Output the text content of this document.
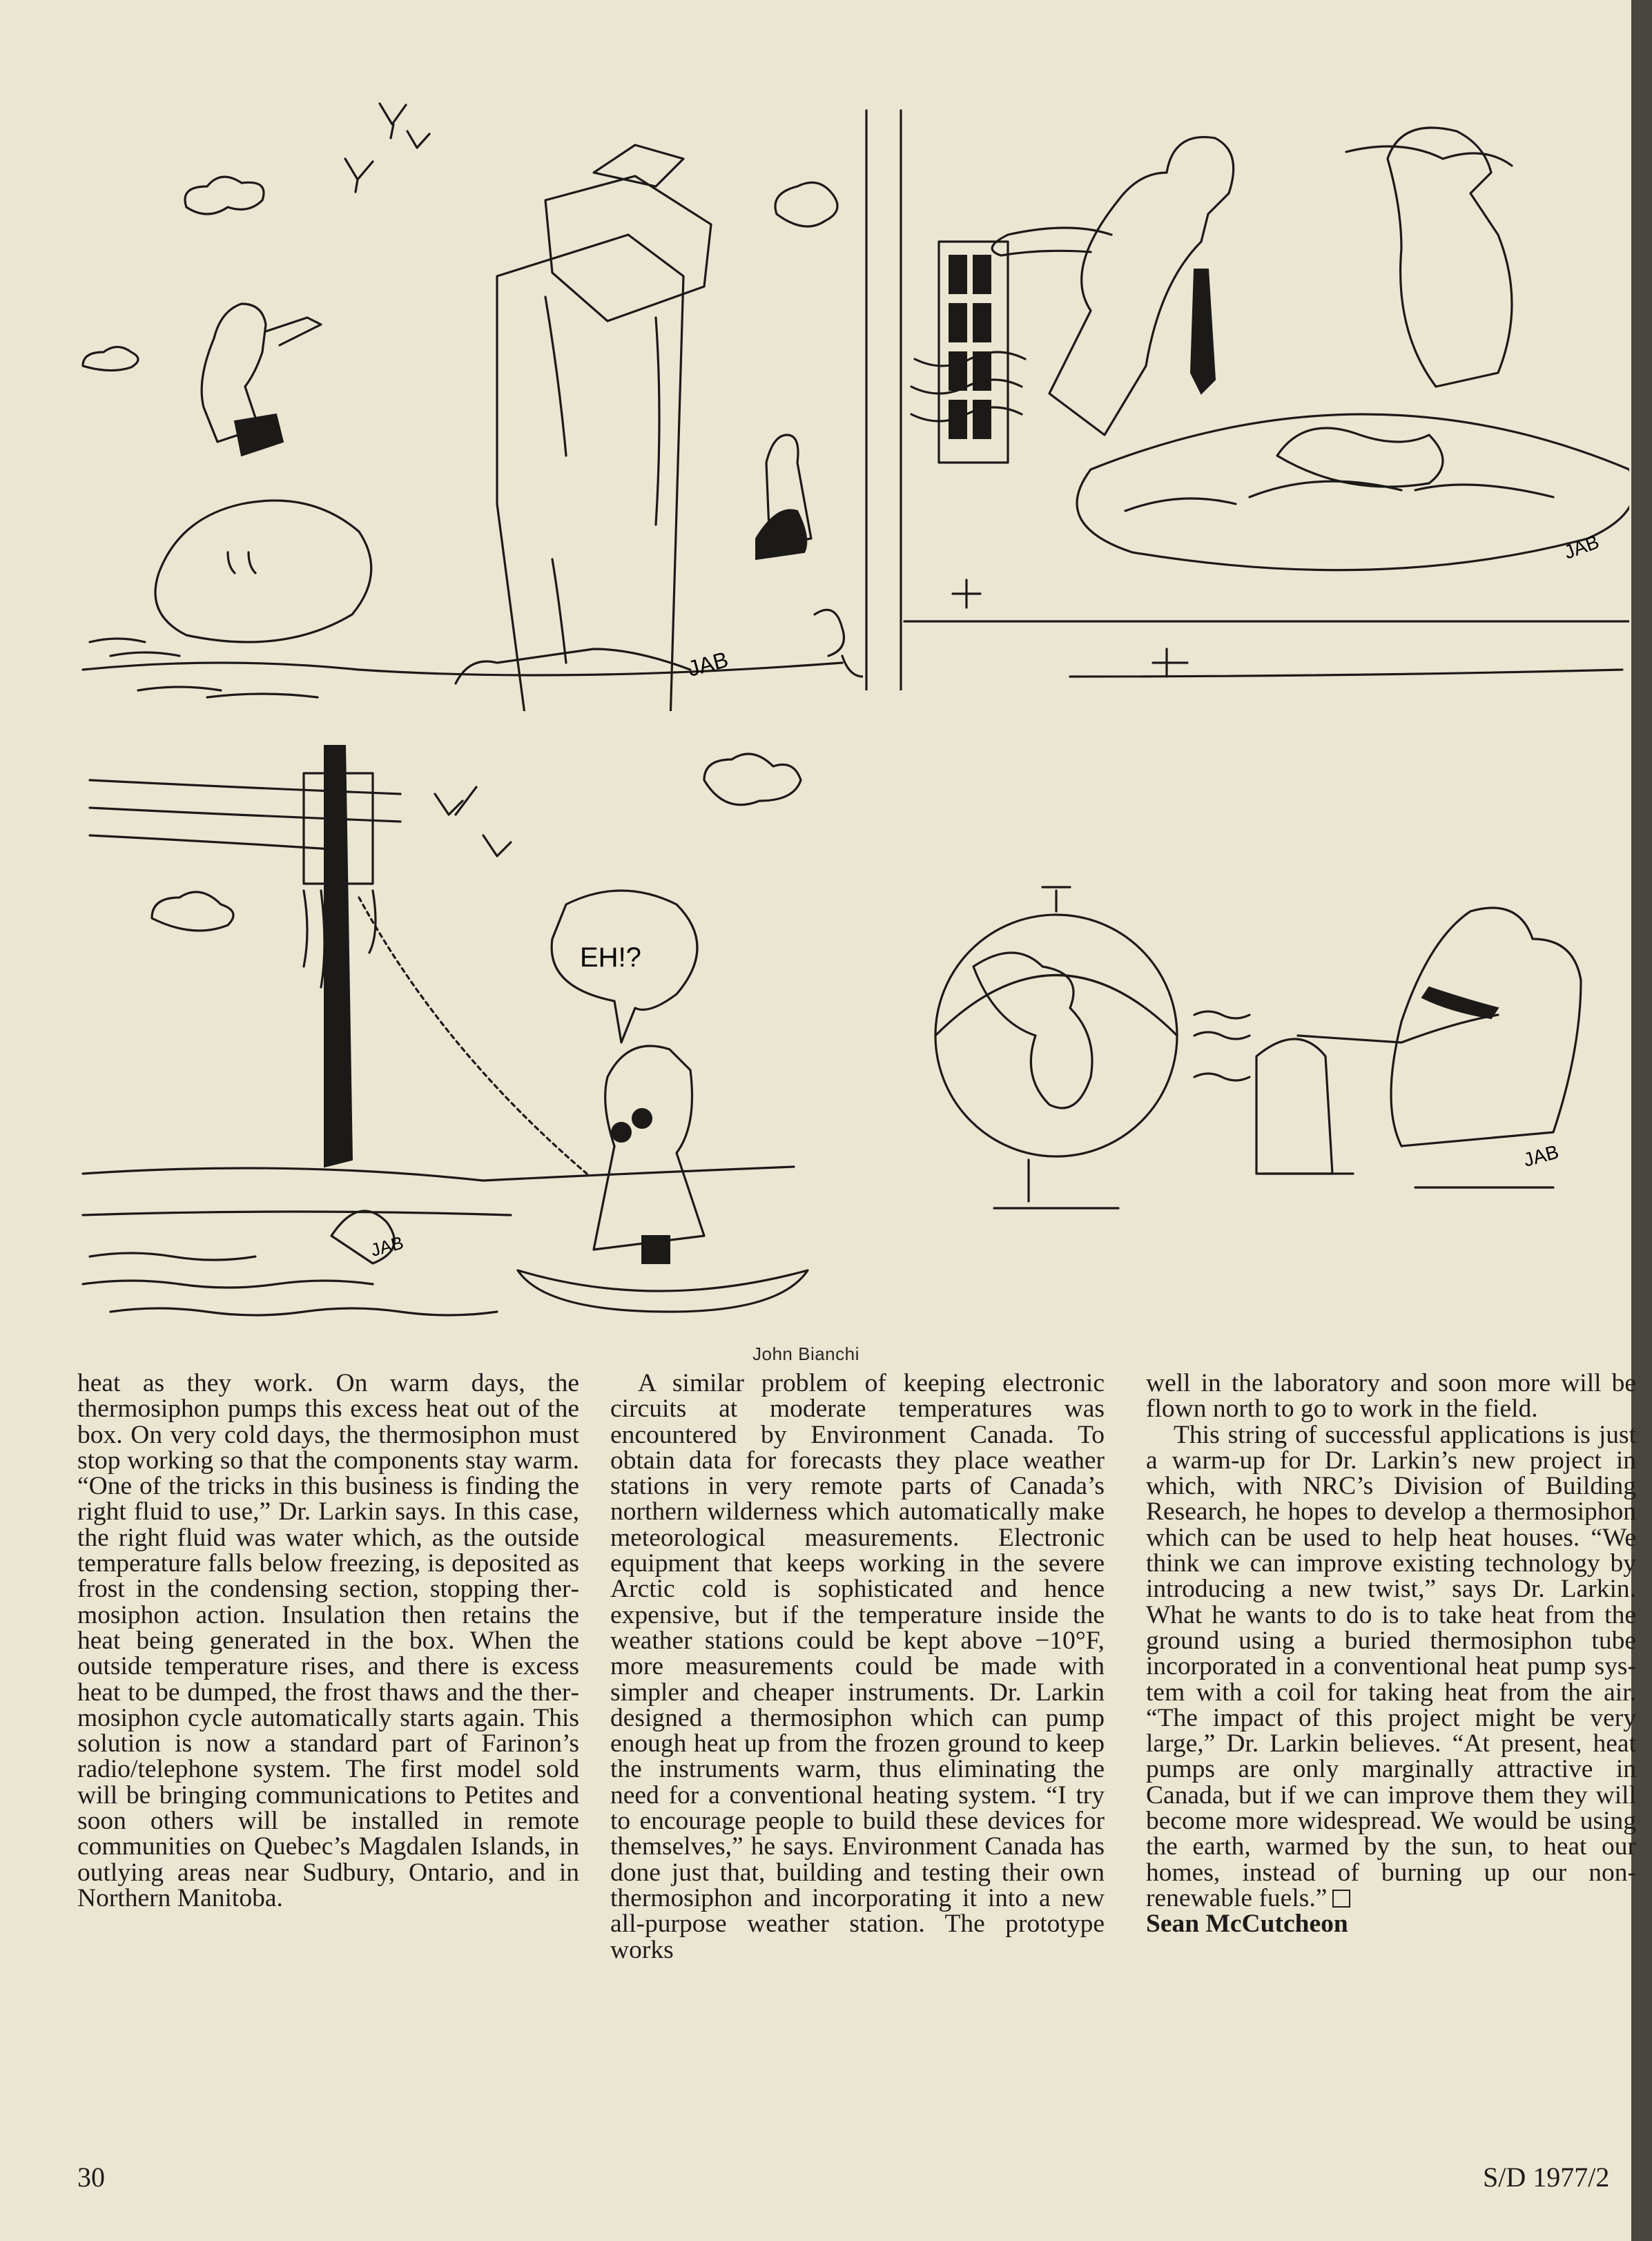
JAB
JAB
EH!?
JAB
JAB
John Bianchi

heat as they work. On warm days, the thermosiphon pumps this excess heat out of the box. On very cold days, the thermosiphon must stop working so that the components stay warm. “One of the tricks in this business is finding the right fluid to use,” Dr. Larkin says. In this case, the right fluid was water which, as the outside temperature falls below freezing, is deposited as frost in the condensing section, stopping thermosiphon action. Insulation then retains the heat being generated in the box. When the outside temperature rises, and there is excess heat to be dumped, the frost thaws and the thermosiphon cycle automatically starts again. This solution is now a standard part of Farinon’s radio/telephone system. The first model sold will be bringing communications to Petites and soon others will be installed in remote communities on Quebec’s Magdalen Islands, in outlying areas near Sudbury, Ontario, and in Northern Manitoba.

A similar problem of keeping electronic circuits at moderate temperatures was encountered by Environment Canada. To obtain data for forecasts they place weather stations in very remote parts of Canada’s northern wilderness which automatically make meteorological measurements. Electronic equipment that keeps working in the severe Arctic cold is sophisticated and hence expensive, but if the temperature inside the weather stations could be kept above −10°F, more measurements could be made with simpler and cheaper instruments. Dr. Larkin designed a thermosiphon which can pump enough heat up from the frozen ground to keep the instruments warm, thus eliminating the need for a conventional heating system. “I try to encourage people to build these devices for themselves,” he says. Environment Canada has done just that, building and testing their own thermosiphon and incorporating it into a new all-purpose weather station. The prototype works

well in the laboratory and soon more will be flown north to go to work in the field.

This string of successful applications is just a warm-up for Dr. Larkin’s new project in which, with NRC’s Division of Building Research, he hopes to develop a thermosiphon which can be used to help heat houses. “We think we can improve existing technology by introducing a new twist,” says Dr. Larkin. What he wants to do is to take heat from the ground using a buried thermosiphon tube incorporated in a conventional heat pump system with a coil for taking heat from the air. “The impact of this project might be very large,” Dr. Larkin believes. “At present, heat pumps are only marginally attractive in Canada, but if we can improve them they will become more widespread. We would be using the earth, warmed by the sun, to heat our homes, instead of burning up our non-renewable fuels.”

Sean McCutcheon
30	S/D 1977/2
